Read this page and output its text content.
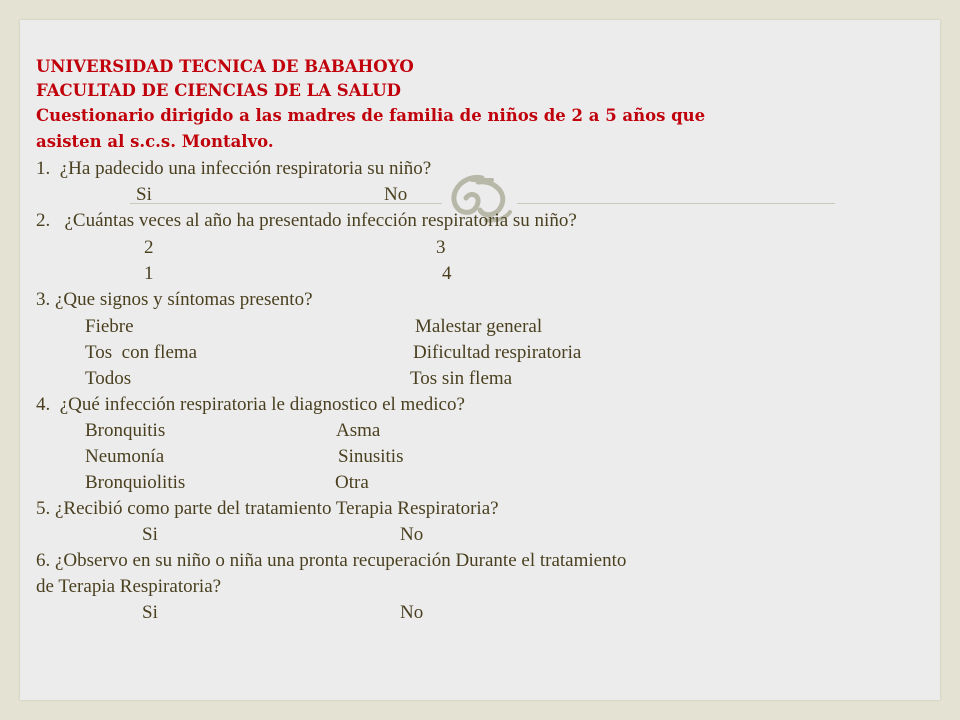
UNIVERSIDAD TECNICA DE BABAHOYO
FACULTAD DE CIENCIAS DE LA SALUD
Cuestionario dirigido a las madres de familia de niños de 2 a 5 años que
asisten al s.c.s. Montalvo.
1.  ¿Ha padecido una infección respiratoria su niño?
Si	No
2.   ¿Cuántas veces al año ha presentado infección respiratoria su niño?
2	3
1	4
3. ¿Que signos y síntomas presento?
Fiebre	Malestar general
Tos  con flema	Dificultad respiratoria
Todos	Tos sin flema
4.  ¿Qué infección respiratoria le diagnostico el medico?
Bronquitis	Asma
Neumonía	Sinusitis
Bronquiolitis	Otra
5. ¿Recibió como parte del tratamiento Terapia Respiratoria?
Si	No
6. ¿Observo en su niño o niña una pronta recuperación Durante el tratamiento
de Terapia Respiratoria?
Si	No
